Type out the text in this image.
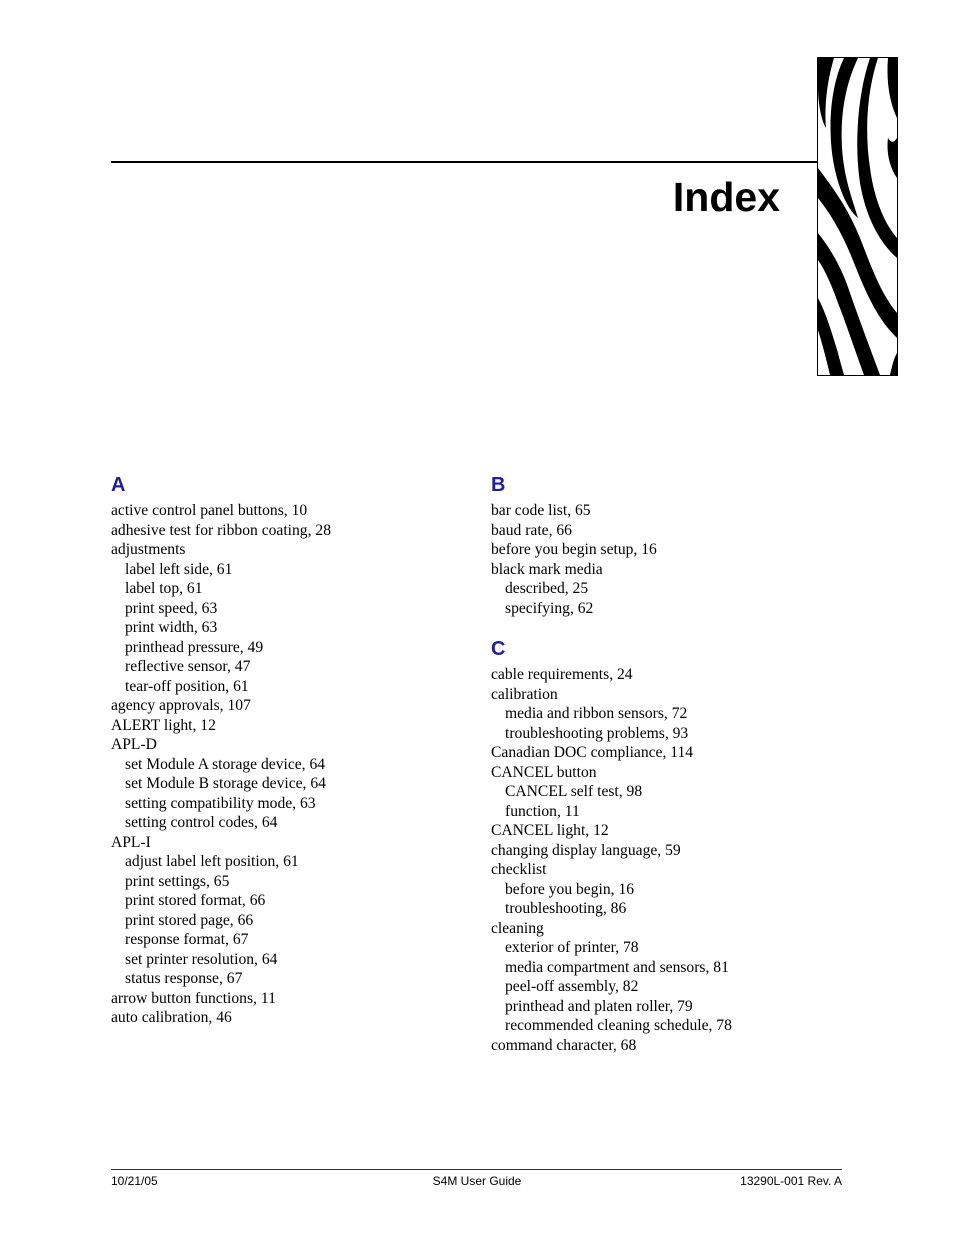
Index
A
active control panel buttons, 10
adhesive test for ribbon coating, 28
adjustments
label left side, 61
label top, 61
print speed, 63
print width, 63
printhead pressure, 49
reflective sensor, 47
tear-off position, 61
agency approvals, 107
ALERT light, 12
APL-D
set Module A storage device, 64
set Module B storage device, 64
setting compatibility mode, 63
setting control codes, 64
APL-I
adjust label left position, 61
print settings, 65
print stored format, 66
print stored page, 66
response format, 67
set printer resolution, 64
status response, 67
arrow button functions, 11
auto calibration, 46
B
bar code list, 65
baud rate, 66
before you begin setup, 16
black mark media
described, 25
specifying, 62
C
cable requirements, 24
calibration
media and ribbon sensors, 72
troubleshooting problems, 93
Canadian DOC compliance, 114
CANCEL button
CANCEL self test, 98
function, 11
CANCEL light, 12
changing display language, 59
checklist
before you begin, 16
troubleshooting, 86
cleaning
exterior of printer, 78
media compartment and sensors, 81
peel-off assembly, 82
printhead and platen roller, 79
recommended cleaning schedule, 78
command character, 68
10/21/05	S4M User Guide	13290L-001 Rev. A
